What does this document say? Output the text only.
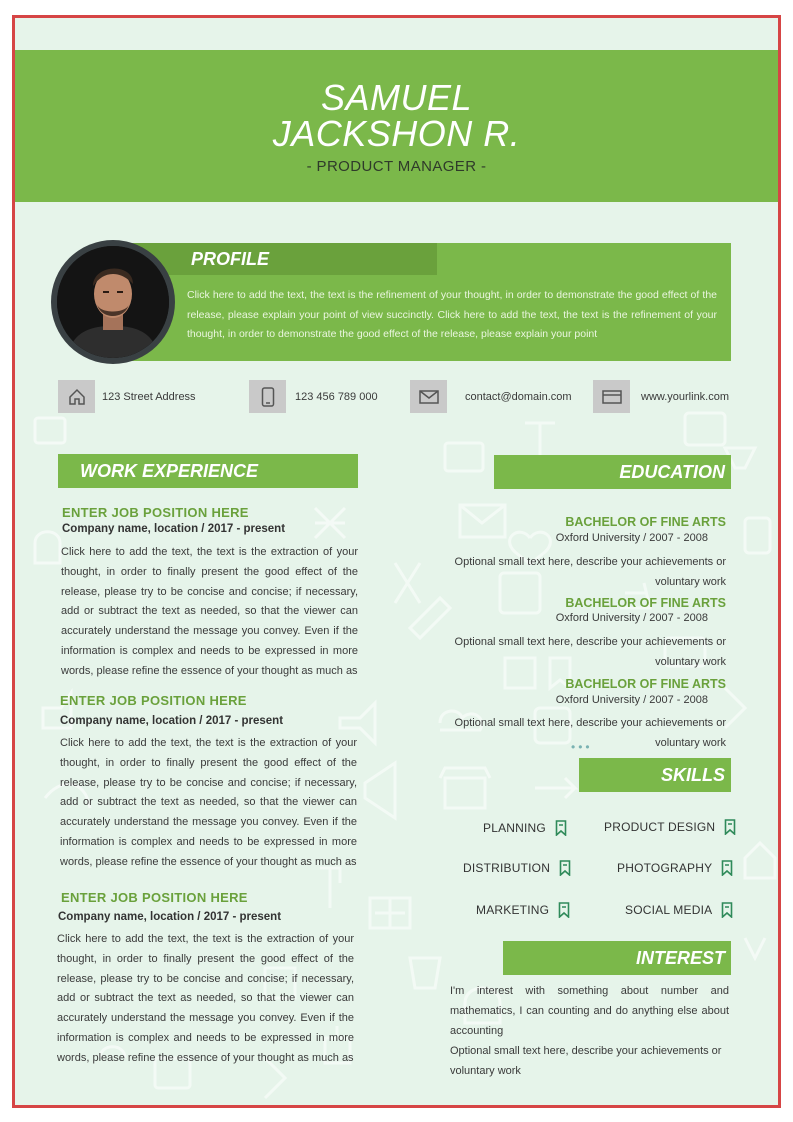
SAMUEL
JACKSHON R.
- PRODUCT MANAGER -
PROFILE
Click here to add the text, the text is the refinement of your thought, in order to demonstrate the good effect of the release, please explain your point of view succinctly. Click here to add the text, the text is the refinement of your thought, in order to demonstrate the good effect of the release, please explain your point
123 Street Address	123 456 789 000	contact@domain.com	www.yourlink.com
WORK EXPERIENCE
ENTER JOB POSITION HERE
Company name, location / 2017 - present
Click here to add the text, the text is the extraction of your thought, in order to finally present the good effect of the release, please try to be concise and concise; if necessary, add or subtract the text as needed, so that the viewer can accurately understand the message you convey. Even if the information is complex and needs to be expressed in more words, please refine the essence of your thought as much as
ENTER JOB POSITION HERE
Company name, location / 2017 - present
Click here to add the text, the text is the extraction of your thought, in order to finally present the good effect of the release, please try to be concise and concise; if necessary, add or subtract the text as needed, so that the viewer can accurately understand the message you convey. Even if the information is complex and needs to be expressed in more words, please refine the essence of your thought as much as
ENTER JOB POSITION HERE
Company name, location / 2017 - present
Click here to add the text, the text is the extraction of your thought, in order to finally present the good effect of the release, please try to be concise and concise; if necessary, add or subtract the text as needed, so that the viewer can accurately understand the message you convey. Even if the information is complex and needs to be expressed in more words, please refine the essence of your thought as much as
EDUCATION
BACHELOR OF FINE ARTS
Oxford University / 2007 - 2008
Optional small text here, describe your achievements or voluntary work
BACHELOR OF FINE ARTS
Oxford University / 2007 - 2008
Optional small text here, describe your achievements or voluntary work
BACHELOR OF FINE ARTS
Oxford University / 2007 - 2008
Optional small text here, describe your achievements or voluntary work
•••
SKILLS
PLANNING	PRODUCT DESIGN
DISTRIBUTION	PHOTOGRAPHY
MARKETING	SOCIAL MEDIA
INTEREST
I'm interest with something about number and mathematics, I can counting and do anything else about accounting
Optional small text here, describe your achievements or voluntary work
